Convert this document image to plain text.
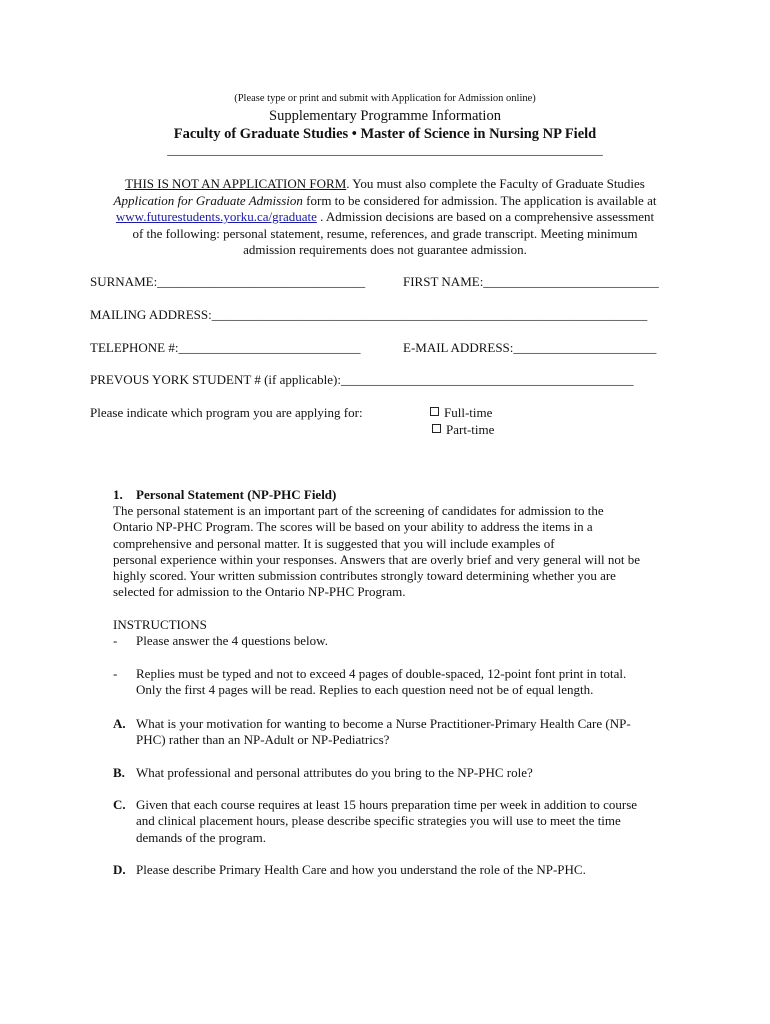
(Please type or print and submit with Application for Admission online)
Supplementary Programme Information
Faculty of Graduate Studies • Master of Science in Nursing NP Field
___________________________________________________________________
THIS IS NOT AN APPLICATION FORM. You must also complete the Faculty of Graduate Studies
Application for Graduate Admission form to be considered for admission. The application is available at
www.futurestudents.yorku.ca/graduate . Admission decisions are based on a comprehensive assessment
of the following: personal statement, resume, references, and grade transcript. Meeting minimum
admission requirements does not guarantee admission.
SURNAME:________________________________	FIRST NAME:___________________________
MAILING ADDRESS:___________________________________________________________________
TELEPHONE #:____________________________	E-MAIL ADDRESS:______________________
PREVOUS YORK STUDENT # (if applicable):_____________________________________________
Please indicate which program you are applying for:	Full-time
Part-time
1. Personal Statement (NP-PHC Field)
The personal statement is an important part of the screening of candidates for admission to the
Ontario NP-PHC Program. The scores will be based on your ability to address the items in a
comprehensive and personal matter. It is suggested that you will include examples of
personal experience within your responses. Answers that are overly brief and very general will not be
highly scored. Your written submission contributes strongly toward determining whether you are
selected for admission to the Ontario NP-PHC Program.
INSTRUCTIONS
- Please answer the 4 questions below.
- Replies must be typed and not to exceed 4 pages of double-spaced, 12-point font print in total.
Only the first 4 pages will be read. Replies to each question need not be of equal length.
A. What is your motivation for wanting to become a Nurse Practitioner-Primary Health Care (NP-
PHC) rather than an NP-Adult or NP-Pediatrics?
B. What professional and personal attributes do you bring to the NP-PHC role?
C. Given that each course requires at least 15 hours preparation time per week in addition to course
and clinical placement hours, please describe specific strategies you will use to meet the time
demands of the program.
D. Please describe Primary Health Care and how you understand the role of the NP-PHC.
